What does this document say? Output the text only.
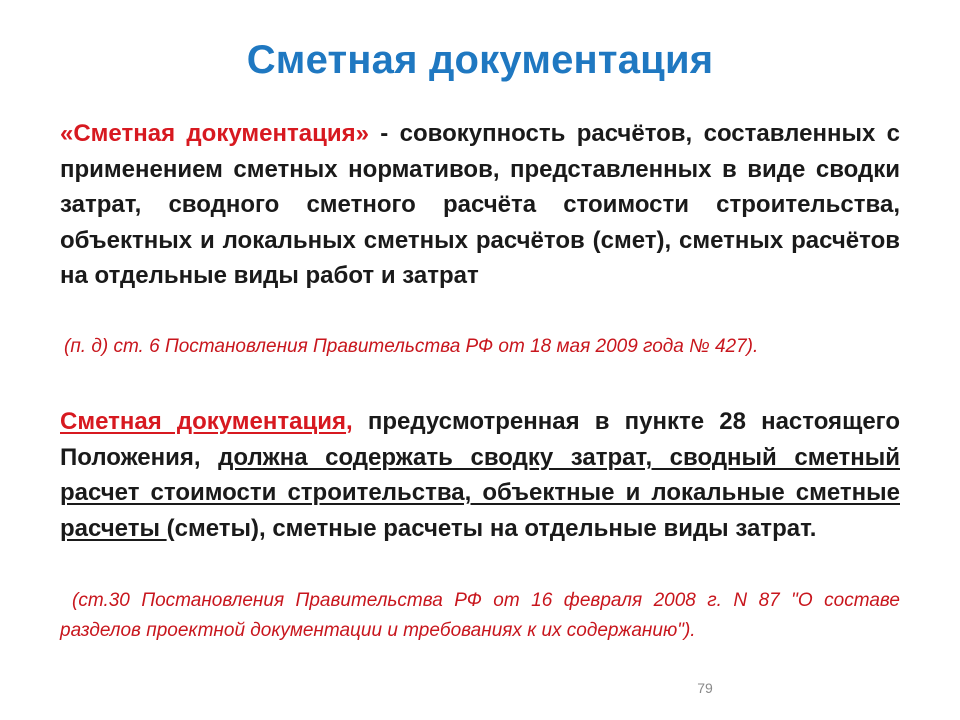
Сметная документация
«Сметная документация» - совокупность расчётов, составленных с применением сметных нормативов, представленных в виде сводки затрат, сводного сметного расчёта стоимости строительства, объектных и локальных сметных расчётов (смет), сметных расчётов на отдельные виды работ и затрат
(п. д) ст. 6 Постановления Правительства РФ от 18 мая 2009 года № 427).
Сметная документация, предусмотренная в пункте 28 настоящего Положения, должна содержать сводку затрат, сводный сметный расчет стоимости строительства, объектные и локальные сметные расчеты (сметы), сметные расчеты на отдельные виды затрат.
(ст.30 Постановления Правительства РФ от 16 февраля 2008 г. N 87 "О составе разделов проектной документации и требованиях к их содержанию").
79
